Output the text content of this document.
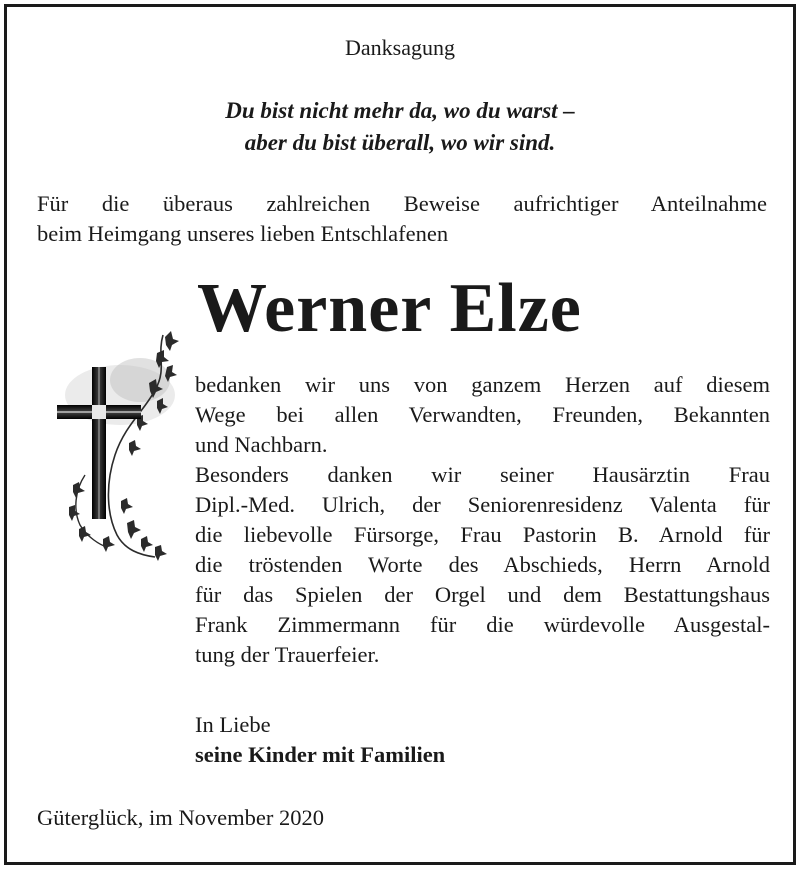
Danksagung
Du bist nicht mehr da, wo du warst –
aber du bist überall, wo wir sind.
Für die überaus zahlreichen Beweise aufrichtiger Anteilnahme
beim Heimgang unseres lieben Entschlafenen
Werner Elze
bedanken wir uns von ganzem Herzen auf diesem
Wege bei allen Verwandten, Freunden, Bekannten
und Nachbarn.
Besonders danken wir seiner Hausärztin Frau
Dipl.-Med. Ulrich, der Seniorenresidenz Valenta für
die liebevolle Fürsorge, Frau Pastorin B. Arnold für
die tröstenden Worte des Abschieds, Herrn Arnold
für das Spielen der Orgel und dem Bestattungshaus
Frank Zimmermann für die würdevolle Ausgestal-
tung der Trauerfeier.
In Liebe
seine Kinder mit Familien
Güterglück, im November 2020
